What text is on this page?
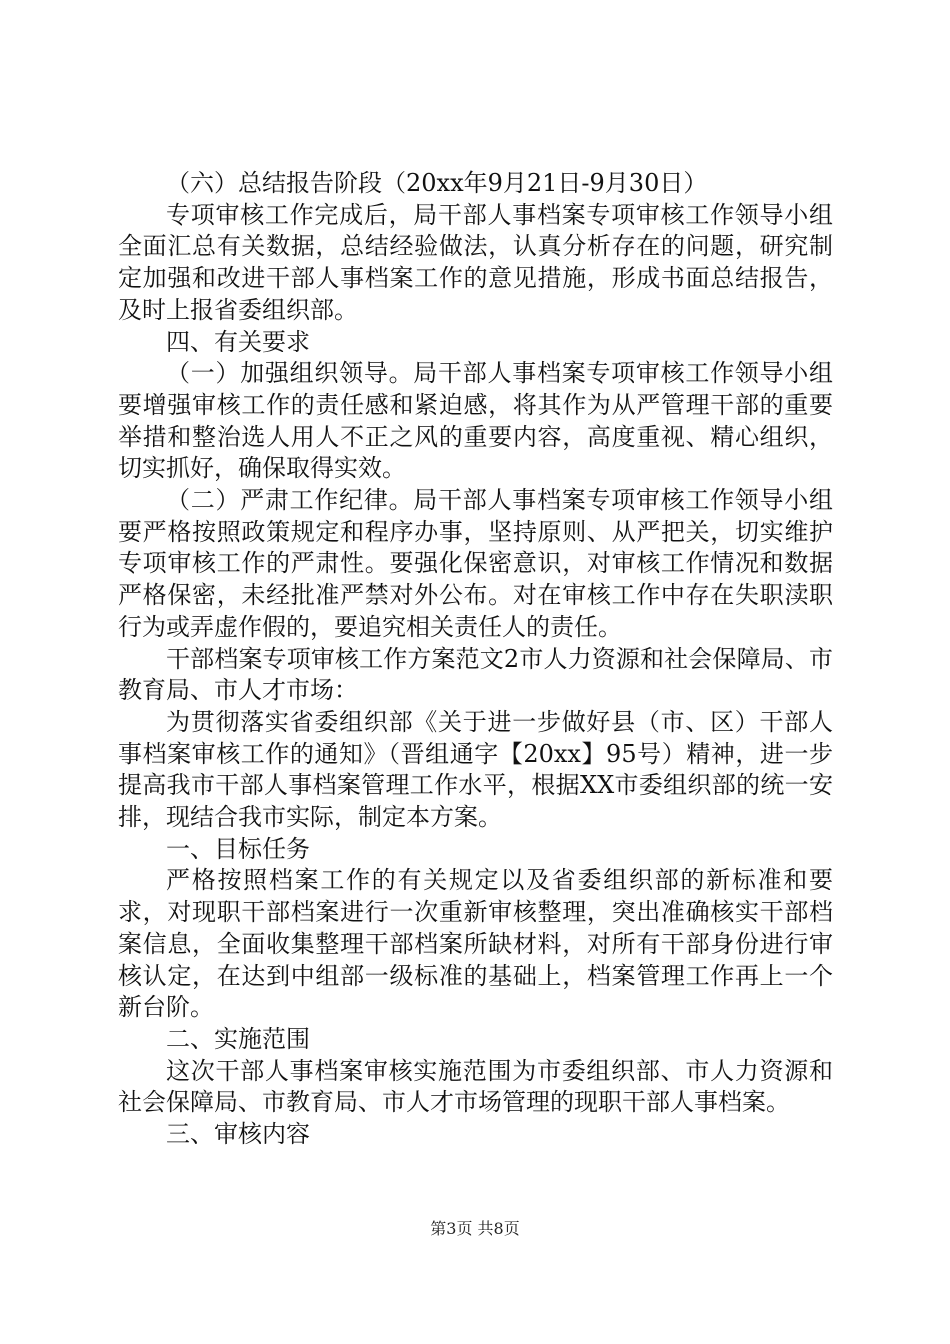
（六）总结报告阶段（20xx年9月21日-9月30日）

专项审核工作完成后，局干部人事档案专项审核工作领导小组全面汇总有关数据，总结经验做法，认真分析存在的问题，研究制定加强和改进干部人事档案工作的意见措施，形成书面总结报告，及时上报省委组织部。

四、有关要求

（一）加强组织领导。局干部人事档案专项审核工作领导小组要增强审核工作的责任感和紧迫感，将其作为从严管理干部的重要举措和整治选人用人不正之风的重要内容，高度重视、精心组织，切实抓好，确保取得实效。

（二）严肃工作纪律。局干部人事档案专项审核工作领导小组要严格按照政策规定和程序办事，坚持原则、从严把关，切实维护专项审核工作的严肃性。要强化保密意识，对审核工作情况和数据严格保密，未经批准严禁对外公布。对在审核工作中存在失职渎职行为或弄虚作假的，要追究相关责任人的责任。

干部档案专项审核工作方案范文2市人力资源和社会保障局、市教育局、市人才市场：

为贯彻落实省委组织部《关于进一步做好县（市、区）干部人事档案审核工作的通知》（晋组通字【20xx】95号）精神，进一步提高我市干部人事档案管理工作水平，根据XX市委组织部的统一安排，现结合我市实际，制定本方案。

一、目标任务

严格按照档案工作的有关规定以及省委组织部的新标准和要求，对现职干部档案进行一次重新审核整理，突出准确核实干部档案信息，全面收集整理干部档案所缺材料，对所有干部身份进行审核认定，在达到中组部一级标准的基础上，档案管理工作再上一个新台阶。

二、实施范围

这次干部人事档案审核实施范围为市委组织部、市人力资源和社会保障局、市教育局、市人才市场管理的现职干部人事档案。

三、审核内容

第3页 共8页
